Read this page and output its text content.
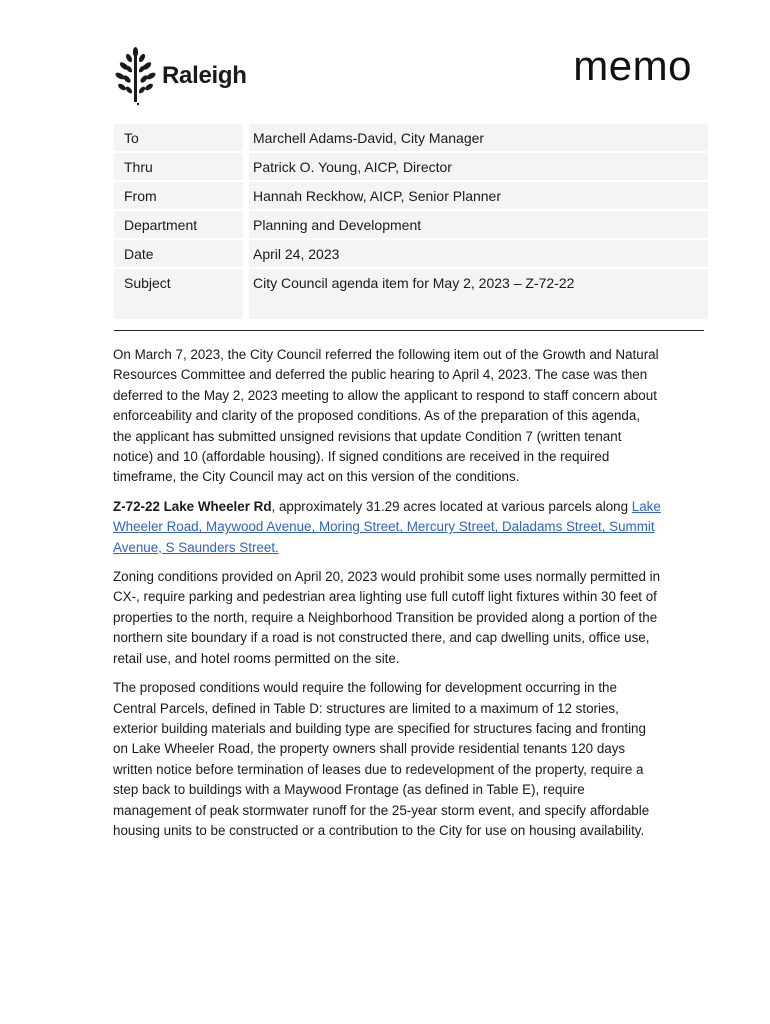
Raleigh	memo
To	Marchell Adams-David, City Manager
Thru	Patrick O. Young, AICP, Director
From	Hannah Reckhow, AICP, Senior Planner
Department	Planning and Development
Date	April 24, 2023
Subject	City Council agenda item for May 2, 2023 – Z-72-22

On March 7, 2023, the City Council referred the following item out of the Growth and Natural Resources Committee and deferred the public hearing to April 4, 2023. The case was then deferred to the May 2, 2023 meeting to allow the applicant to respond to staff concern about enforceability and clarity of the proposed conditions. As of the preparation of this agenda, the applicant has submitted unsigned revisions that update Condition 7 (written tenant notice) and 10 (affordable housing). If signed conditions are received in the required timeframe, the City Council may act on this version of the conditions.

Z-72-22 Lake Wheeler Rd, approximately 31.29 acres located at various parcels along Lake Wheeler Road, Maywood Avenue, Moring Street, Mercury Street, Daladams Street, Summit Avenue, S Saunders Street.

Zoning conditions provided on April 20, 2023 would prohibit some uses normally permitted in CX-, require parking and pedestrian area lighting use full cutoff light fixtures within 30 feet of properties to the north, require a Neighborhood Transition be provided along a portion of the northern site boundary if a road is not constructed there, and cap dwelling units, office use, retail use, and hotel rooms permitted on the site.

The proposed conditions would require the following for development occurring in the Central Parcels, defined in Table D: structures are limited to a maximum of 12 stories, exterior building materials and building type are specified for structures facing and fronting on Lake Wheeler Road, the property owners shall provide residential tenants 120 days written notice before termination of leases due to redevelopment of the property, require a step back to buildings with a Maywood Frontage (as defined in Table E), require management of peak stormwater runoff for the 25-year storm event, and specify affordable housing units to be constructed or a contribution to the City for use on housing availability.
